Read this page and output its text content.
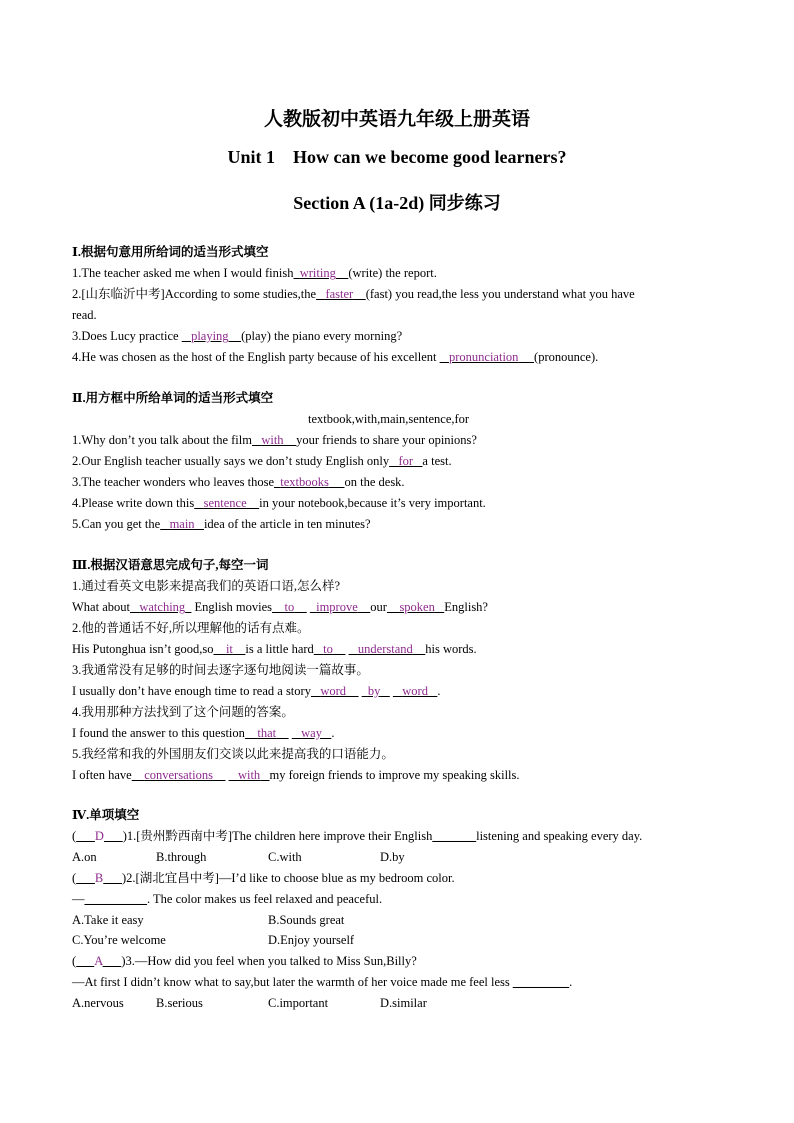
人教版初中英语九年级上册英语
Unit 1    How can we become good learners?
Section A (1a-2d) 同步练习
Ⅰ.根据句意用所给词的适当形式填空
1.The teacher asked me when I would finish writing (write) the report.
2.[山东临沂中考]According to some studies,the faster (fast) you read,the less you understand what you have
read.
3.Does Lucy practice playing (play) the piano every morning?
4.He was chosen as the host of the English party because of his excellent pronunciation (pronounce).
Ⅱ.用方框中所给单词的适当形式填空
textbook,with,main,sentence,for
1.Why don’t you talk about the film with your friends to share your opinions?
2.Our English teacher usually says we don’t study English only for a test.
3.The teacher wonders who leaves those textbooks on the desk.
4.Please write down this sentence in your notebook,because it’s very important.
5.Can you get the main idea of the article in ten minutes?
Ⅲ.根据汉语意思完成句子,每空一词
1.通过看英文电影来提高我们的英语口语,怎么样?
What about watching English movies to improve our spoken English?
2.他的普通话不好,所以理解他的话有点难。
His Putonghua isn’t good,so it is a little hard to understand his words.
3.我通常没有足够的时间去逐字逐句地阅读一篇故事。
I usually don’t have enough time to read a story word by word .
4.我用那种方法找到了这个问题的答案。
I found the answer to this question that way .
5.我经常和我的外国朋友们交谈以此来提高我的口语能力。
I often have conversations with my foreign friends to improve my speaking skills.
Ⅳ.单项填空
( D )1.[贵州黔西南中考]The children here improve their English_______listening and speaking every day.
A.on	B.through	C.with	D.by
( B )2.[湖北宜昌中考]—I’d like to choose blue as my bedroom color.
—__________. The color makes us feel relaxed and peaceful.
A.Take it easy	B.Sounds great
C.You’re welcome	D.Enjoy yourself
( A )3.—How did you feel when you talked to Miss Sun,Billy?
—At first I didn’t know what to say,but later the warmth of her voice made me feel less _________.
A.nervous	B.serious	C.important	D.similar
